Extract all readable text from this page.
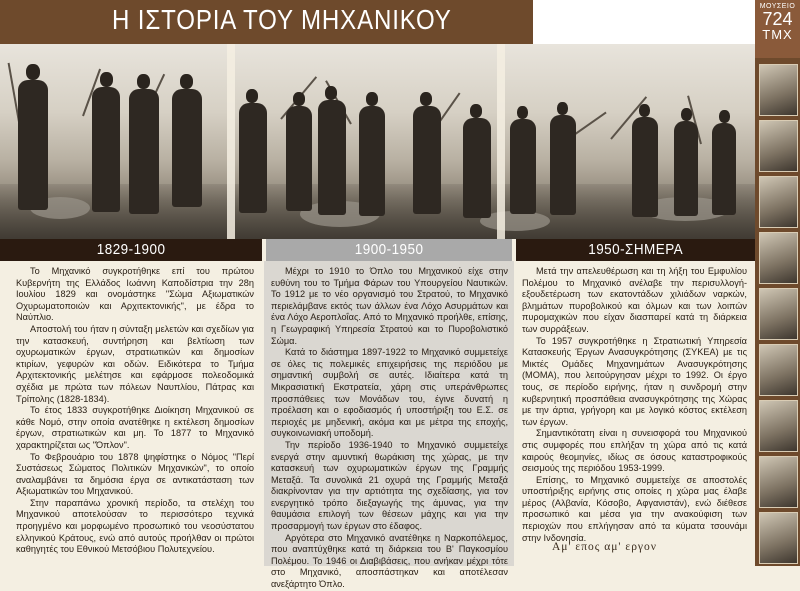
Η ΙΣΤΟΡΙΑ ΤΟΥ ΜΗΧΑΝΙΚΟΥ	ΜΟΥΣΕΙΟ
724
ΤΜΧ
1829-1900	1900-1950	1950-ΣΗΜΕΡΑ

Το Μηχανικό συγκροτήθηκε επί του πρώτου Κυβερνήτη της Ελλάδος Ιωάννη Καποδίστρια την 28η Ιουλίου 1829 και ονομάστηκε "Σώμα Αξιωματικών Οχυρωματοποιών και Αρχιτεκτονικής", με έδρα το Ναύπλιο.

Αποστολή του ήταν η σύνταξη μελετών και σχεδίων για την κατασκευή, συντήρηση και βελτίωση των οχυρωματικών έργων, στρατιωτικών και δημοσίων κτιρίων, γεφυρών και οδών. Ειδικότερα το Τμήμα Αρχιτεκτονικής μελέτησε και εφάρμοσε πολεοδομικά σχέδια με πρώτα των πόλεων Ναυπλίου, Πάτρας και Τρίπολης (1828-1834).

Το έτος 1833 συγκροτήθηκε Διοίκηση Μηχανικού σε κάθε Νομό, στην οποία ανατέθηκε η εκτέλεση δημοσίων έργων, στρατιωτικών και μη. Το 1877 το Μηχανικό χαρακτηρίζεται ως "Όπλον".

Το Φεβρουάριο του 1878 ψηφίστηκε ο Νόμος "Περί Συστάσεως Σώματος Πολιτικών Μηχανικών", το οποίο αναλαμβάνει τα δημόσια έργα σε αντικατάσταση των Αξιωματικών του Μηχανικού.

Στην παραπάνω χρονική περίοδο, τα στελέχη του Μηχανικού αποτελούσαν το περισσότερο τεχνικά προηγμένο και μορφωμένο προσωπικό του νεοσύστατου ελληνικού Κράτους, ενώ από αυτούς προήλθαν οι πρώτοι καθηγητές του Εθνικού Μετσόβιου Πολυτεχνείου.

Μέχρι το 1910 το Όπλο του Μηχανικού είχε στην ευθύνη του το Τμήμα Φάρων του Υπουργείου Ναυτικών. Το 1912 με το νέο οργανισμό του Στρατού, το Μηχανικό περιελάμβανε εκτός των άλλων ένα Λόχο Ασυρμάτων και ένα Λόχο Αεροπλοΐας. Από το Μηχανικό προήλθε, επίσης, η Γεωγραφική Υπηρεσία Στρατού και το Πυροβολιστικό Σώμα.

Κατά το διάστημα 1897-1922 το Μηχανικό συμμετείχε σε όλες τις πολεμικές επιχειρήσεις της περιόδου με σημαντική συμβολή σε αυτές. Ιδιαίτερα κατά τη Μικρασιατική Εκστρατεία, χάρη στις υπεράνθρωπες προσπάθειες των Μονάδων του, έγινε δυνατή η προέλαση και ο εφοδιασμός ή υποστήριξη του Ε.Σ. σε περιοχές με μηδενική, ακόμα και με μέτρα της εποχής, συγκοινωνιακή υποδομή.

Την περίοδο 1936-1940 το Μηχανικό συμμετείχε ενεργά στην αμυντική θωράκιση της χώρας, με την κατασκευή των οχυρωματικών έργων της Γραμμής Μεταξά. Τα συνολικά 21 οχυρά της Γραμμής Μεταξά διακρίνονταν για την αρτιότητα της σχεδίασης, για τον ενεργητικό τρόπο διεξαγωγής της άμυνας, για την θαυμάσια επιλογή των θέσεων μάχης και για την προσαρμογή των έργων στο έδαφος.

Αργότερα στο Μηχανικό ανατέθηκε η Ναρκοπόλεμος, που αναπτύχθηκε κατά τη διάρκεια του Β' Παγκοσμίου Πολέμου. Το 1946 οι Διαβιβάσεις, που ανήκαν μέχρι τότε στο Μηχανικό, αποσπάστηκαν και αποτέλεσαν ανεξάρτητο Όπλο.

Μετά την απελευθέρωση και τη λήξη του Εμφυλίου Πολέμου το Μηχανικό ανέλαβε την περισυλλογή-εξουδετέρωση των εκατοντάδων χιλιάδων ναρκών, βλημάτων πυροβολικού και όλμων και των λοιπών πυρομαχικών που είχαν διασπαρεί κατά τη διάρκεια των συρράξεων.

Το 1957 συγκροτήθηκε η Στρατιωτική Υπηρεσία Κατασκευής Έργων Ανασυγκρότησης (ΣΥΚΕΑ) με τις Μικτές Ομάδες Μηχανημάτων Ανασυγκρότησης (ΜΟΜΑ), που λειτούργησαν μέχρι το 1992. Οι έργο τους, σε περίοδο ειρήνης, ήταν η συνδρομή στην κυβερνητική προσπάθεια ανασυγκρότησης της Χώρας με την άρτια, γρήγορη και με λογικό κόστος εκτέλεση των έργων.

Σημαντικότατη είναι η συνεισφορά του Μηχανικού στις συμφορές που επλήξαν τη χώρα από τις κατά καιρούς θεομηνίες, ιδίως σε όσους καταστροφικούς σεισμούς της περιόδου 1953-1999.

Επίσης, το Μηχανικό συμμετείχε σε αποστολές υποστήριξης ειρήνης στις οποίες η χώρα μας έλαβε μέρος (Αλβανία, Κόσοβο, Αφγανιστάν), ενώ διέθεσε προσωπικό και μέσα για την ανακούφιση των περιοχών που επλήγησαν από τα κύματα τσουνάμι στην Ινδονησία.

Αμ' επος αμ' εργον
